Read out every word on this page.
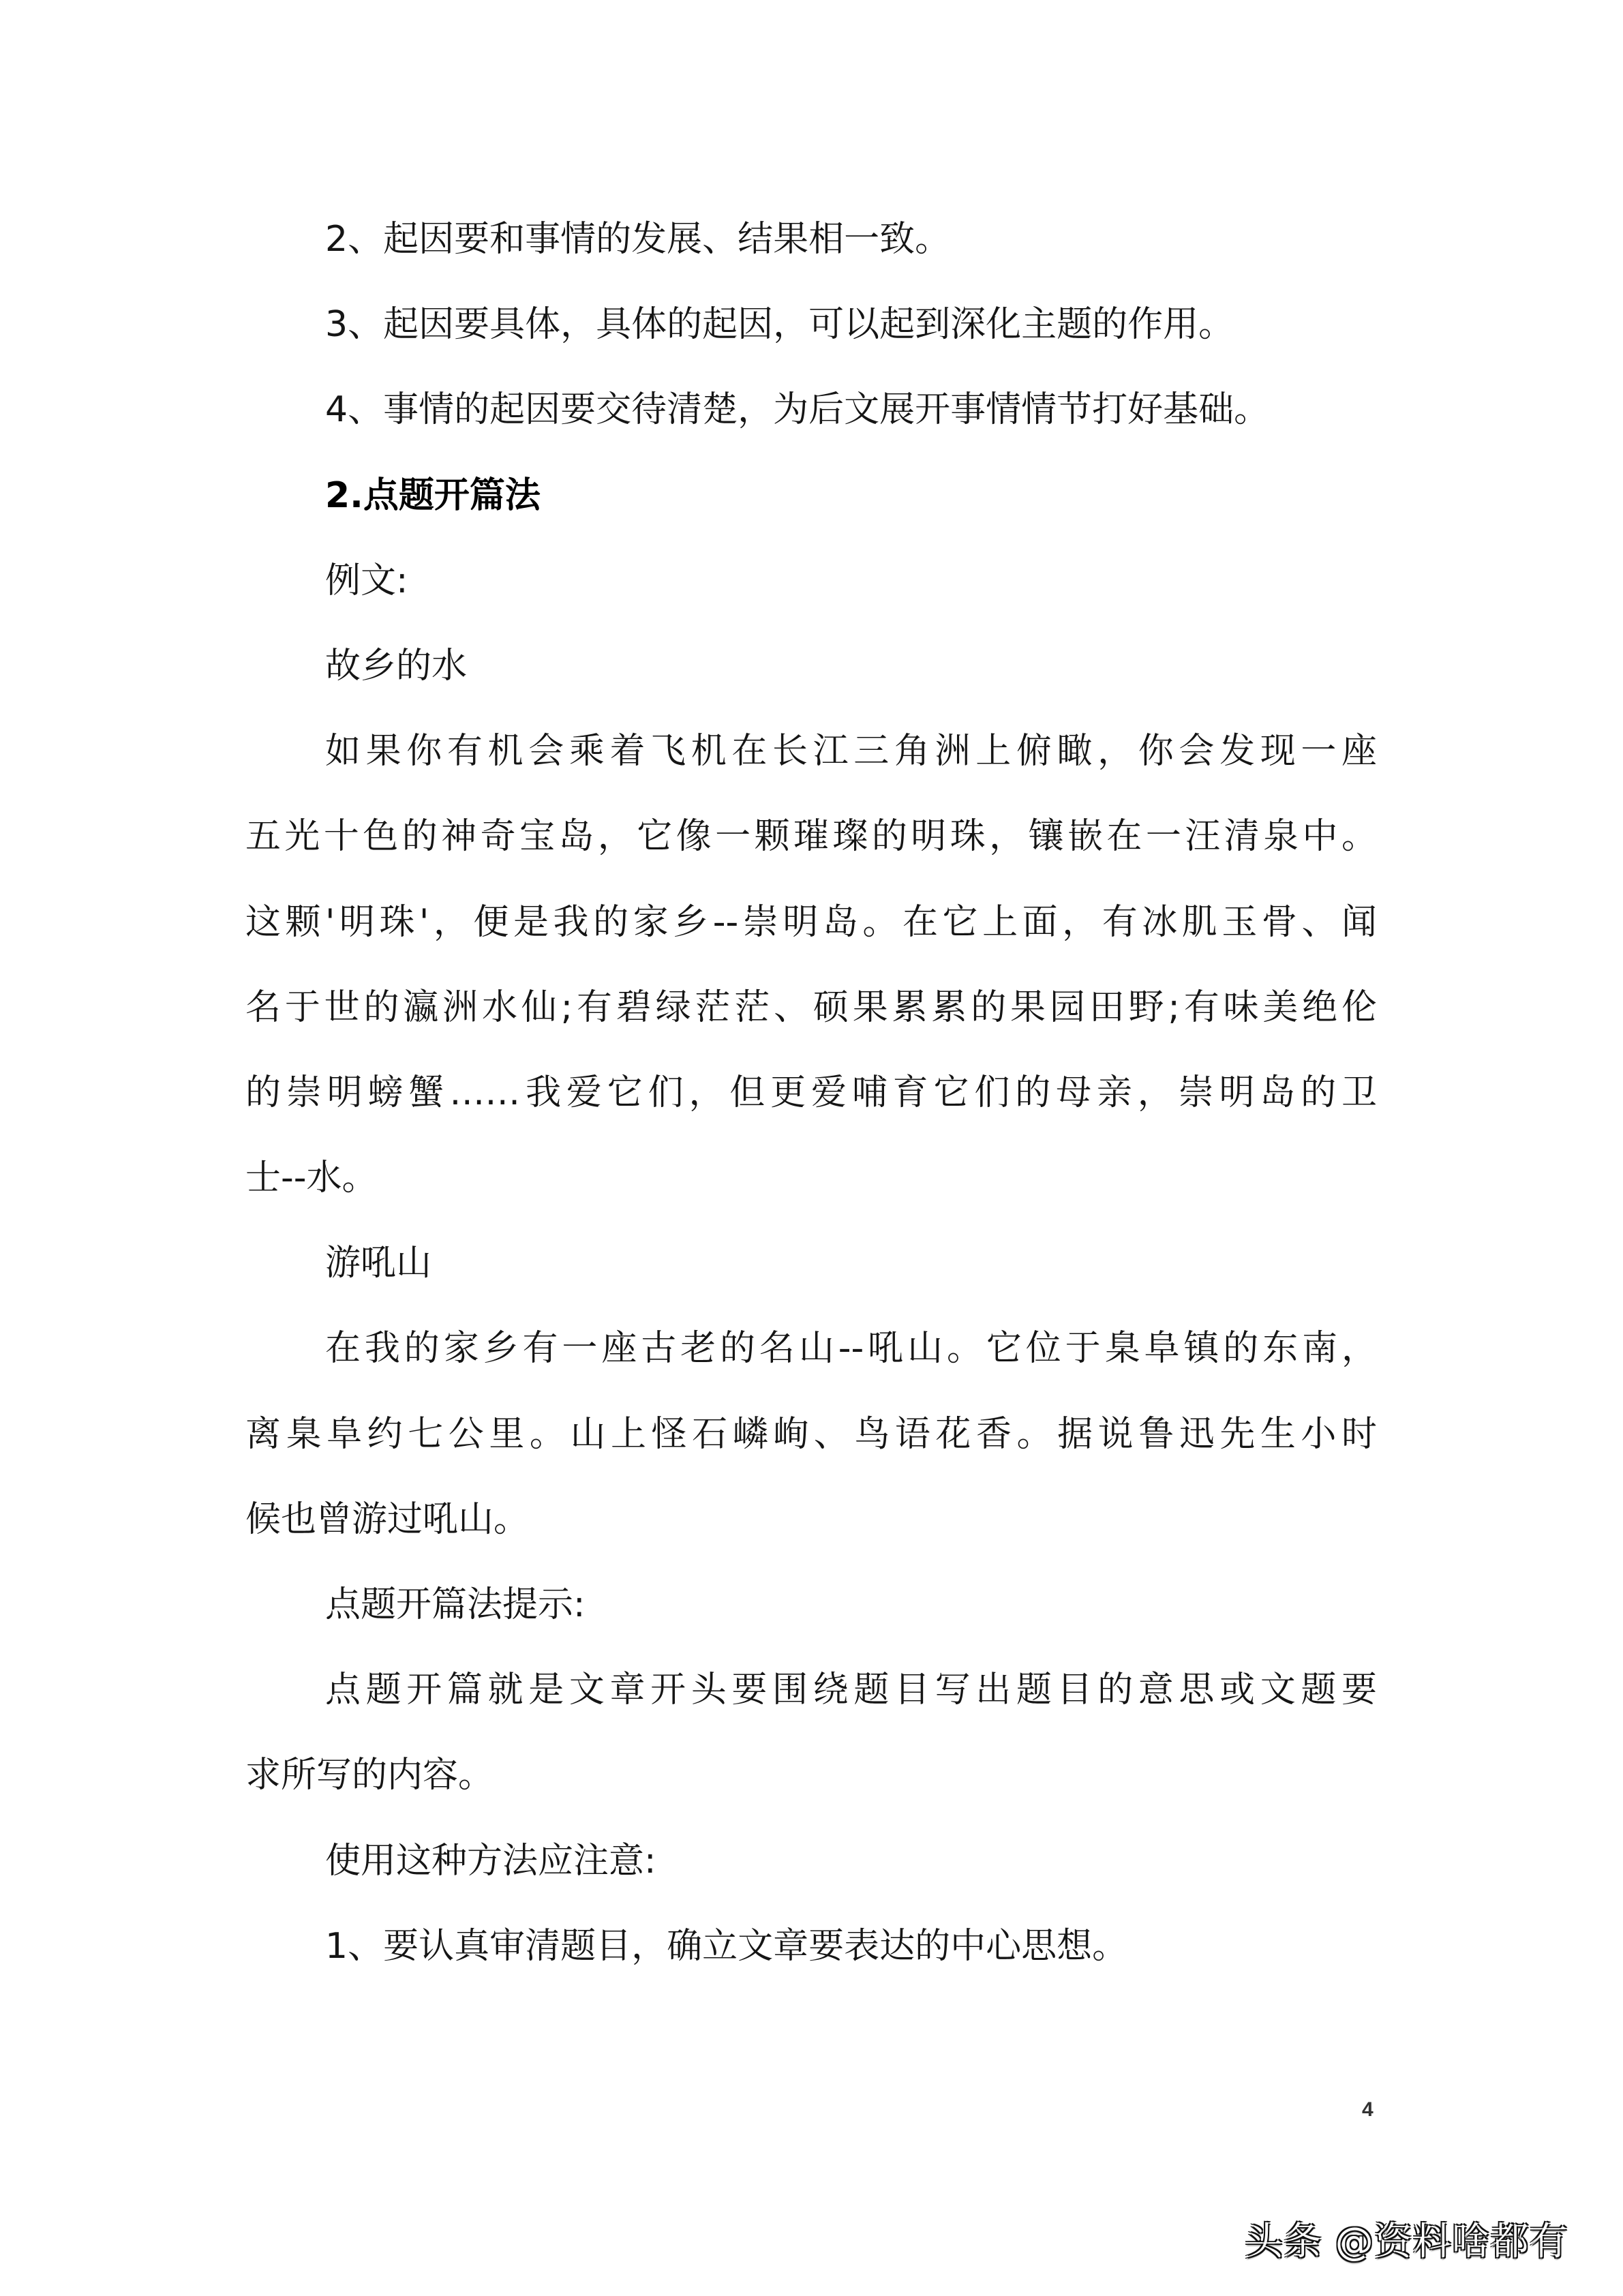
2、起因要和事情的发展、结果相一致。
3、起因要具体，具体的起因，可以起到深化主题的作用。
4、事情的起因要交待清楚，为后文展开事情情节打好基础。
2.点题开篇法
例文:
故乡的水
如果你有机会乘着飞机在长江三角洲上俯瞰，你会发现一座
五光十色的神奇宝岛，它像一颗璀璨的明珠，镶嵌在一汪清泉中。
这颗'明珠'，便是我的家乡--崇明岛。在它上面，有冰肌玉骨、闻
名于世的瀛洲水仙;有碧绿茫茫、硕果累累的果园田野;有味美绝伦
的崇明螃蟹……我爱它们，但更爱哺育它们的母亲，崇明岛的卫
士--水。
游吼山
在我的家乡有一座古老的名山--吼山。它位于臬阜镇的东南，
离臬阜约七公里。山上怪石嶙峋、鸟语花香。据说鲁迅先生小时
候也曾游过吼山。
点题开篇法提示:
点题开篇就是文章开头要围绕题目写出题目的意思或文题要
求所写的内容。
使用这种方法应注意:
1、要认真审清题目，确立文章要表达的中心思想。
4
头条 @资料啥都有
